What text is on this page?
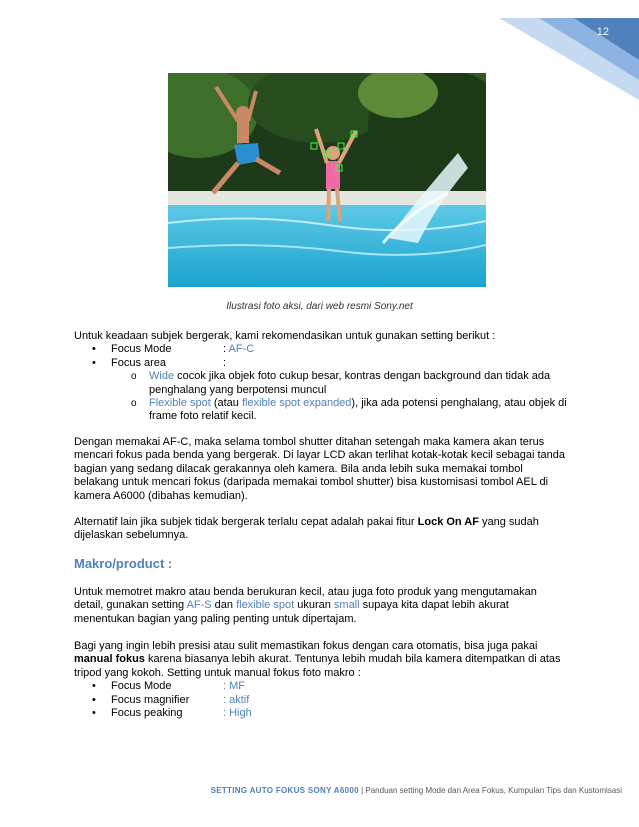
12
Ilustrasi foto aksi, dari web resmi Sony.net

Untuk keadaan subjek bergerak, kami rekomendasikan untuk gunakan setting berikut :

• Focus Mode	: AF-C
• Focus area	:
o Wide cocok jika objek foto cukup besar, kontras dengan background dan tidak ada penghalang yang berpotensi muncul
o Flexible spot (atau flexible spot expanded), jika ada potensi penghalang, atau objek di frame foto relatif kecil.
Dengan memakai AF-C, maka selama tombol shutter ditahan setengah maka kamera akan terus mencari fokus pada benda yang bergerak. Di layar LCD akan terlihat kotak-kotak kecil sebagai tanda bagian yang sedang dilacak gerakannya oleh kamera. Bila anda lebih suka memakai tombol belakang untuk mencari fokus (daripada memakai tombol shutter) bisa kustomisasi tombol AEL di kamera A6000 (dibahas kemudian).
Alternatif lain jika subjek tidak bergerak terlalu cepat adalah pakai fitur Lock On AF yang sudah dijelaskan sebelumnya.
Makro/product :
Untuk memotret makro atau benda berukuran kecil, atau juga foto produk yang mengutamakan detail, gunakan setting AF-S dan flexible spot ukuran small supaya kita dapat lebih akurat menentukan bagian yang paling penting untuk dipertajam.
Bagi yang ingin lebih presisi atau sulit memastikan fokus dengan cara otomatis, bisa juga pakai manual fokus karena biasanya lebih akurat. Tentunya lebih mudah bila kamera ditempatkan di atas tripod yang kokoh. Setting untuk manual fokus foto makro :
• Focus Mode	: MF
• Focus magnifier	: aktif
• Focus peaking	: High
SETTING AUTO FOKUS SONY A6000 | Panduan setting Mode dan Area Fokus, Kumpulan Tips dan Kustomisasi
